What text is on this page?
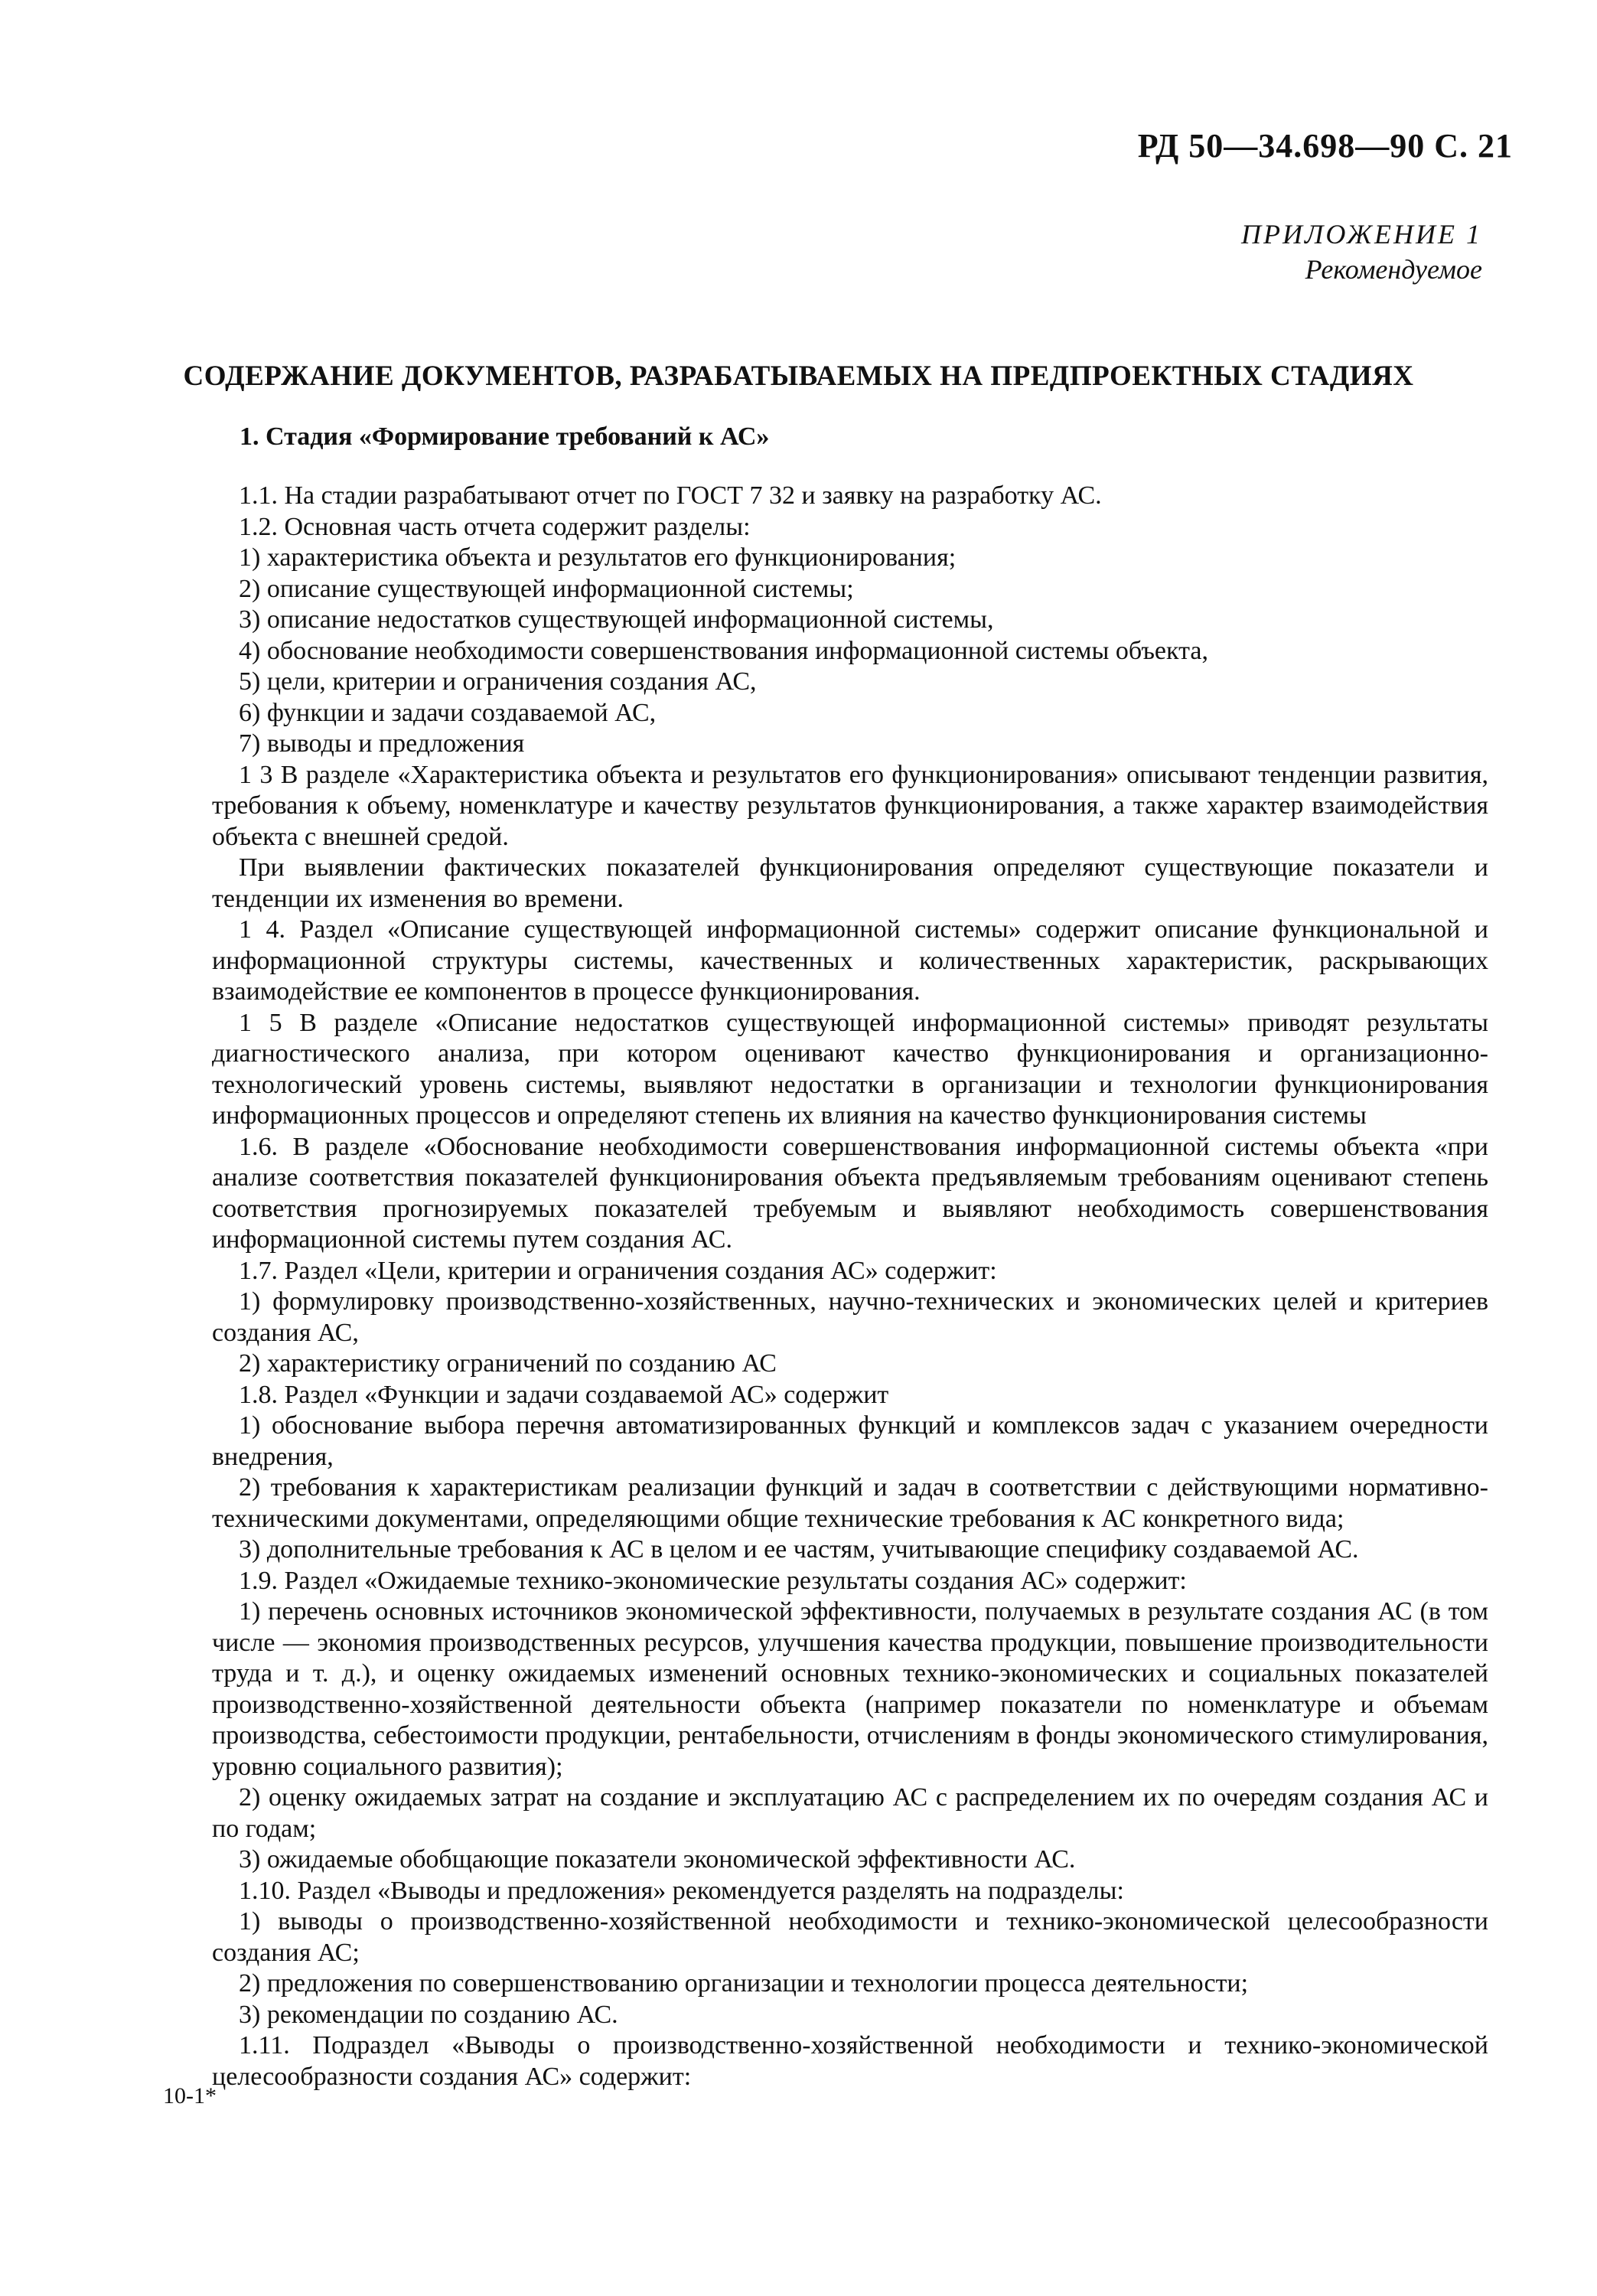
РД 50—34.698—90 С. 21
ПРИЛОЖЕНИЕ 1
Рекомендуемое
СОДЕРЖАНИЕ ДОКУМЕНТОВ, РАЗРАБАТЫВАЕМЫХ НА ПРЕДПРОЕКТНЫХ СТАДИЯХ
1. Стадия «Формирование требований к АС»

1.1. На стадии разрабатывают отчет по ГОСТ 7 32 и заявку на разработку АС.

1.2. Основная часть отчета содержит разделы:

1) характеристика объекта и результатов его функционирования;

2) описание существующей информационной системы;

3) описание недостатков существующей информационной системы,

4) обоснование необходимости совершенствования информационной системы объекта,

5) цели, критерии и ограничения создания АС,

6) функции и задачи создаваемой АС,

7) выводы и предложения

1 3 В разделе «Характеристика объекта и результатов его функционирования» описывают тенденции развития, требования к объему, номенклатуре и качеству результатов функционирования, а также характер взаимодействия объекта с внешней средой.

При выявлении фактических показателей функционирования определяют существующие показатели и тенденции их изменения во времени.

1 4. Раздел «Описание существующей информационной системы» содержит описание функциональной и информационной структуры системы, качественных и количественных характеристик, раскрывающих взаимодействие ее компонентов в процессе функционирования.

1 5 В разделе «Описание недостатков существующей информационной системы» приводят результаты диагностического анализа, при котором оценивают качество функционирования и организационно-технологический уровень системы, выявляют недостатки в организации и технологии функционирования информационных процессов и определяют степень их влияния на качество функционирования системы

1.6. В разделе «Обоснование необходимости совершенствования информационной системы объекта «при анализе соответствия показателей функционирования объекта предъявляемым требованиям оценивают степень соответствия прогнозируемых показателей требуемым и выявляют необходимость совершенствования информационной системы путем создания АС.

1.7. Раздел «Цели, критерии и ограничения создания АС» содержит:

1) формулировку производственно-хозяйственных, научно-технических и экономических целей и критериев создания АС,

2) характеристику ограничений по созданию АС

1.8. Раздел «Функции и задачи создаваемой АС» содержит

1) обоснование выбора перечня автоматизированных функций и комплексов задач с указанием очередности внедрения,

2) требования к характеристикам реализации функций и задач в соответствии с действующими нормативно-техническими документами, определяющими общие технические требования к АС конкретного вида;

3) дополнительные требования к АС в целом и ее частям, учитывающие специфику создаваемой АС.

1.9. Раздел «Ожидаемые технико-экономические результаты создания АС» содержит:

1) перечень основных источников экономической эффективности, получаемых в результате создания АС (в том числе — экономия производственных ресурсов, улучшения качества продукции, повышение производительности труда и т. д.), и оценку ожидаемых изменений основных технико-экономических и социальных показателей производственно-хозяйственной деятельности объекта (например показатели по номенклатуре и объемам производства, себестоимости продукции, рентабельности, отчислениям в фонды экономического стимулирования, уровню социального развития);

2) оценку ожидаемых затрат на создание и эксплуатацию АС с распределением их по очередям создания АС и по годам;

3) ожидаемые обобщающие показатели экономической эффективности АС.

1.10. Раздел «Выводы и предложения» рекомендуется разделять на подразделы:

1) выводы о производственно-хозяйственной необходимости и технико-экономической целесообразности создания АС;

2) предложения по совершенствованию организации и технологии процесса деятельности;

3) рекомендации по созданию АС.

1.11. Подраздел «Выводы о производственно-хозяйственной необходимости и технико-экономической целесообразности создания АС» содержит:

10-1*
